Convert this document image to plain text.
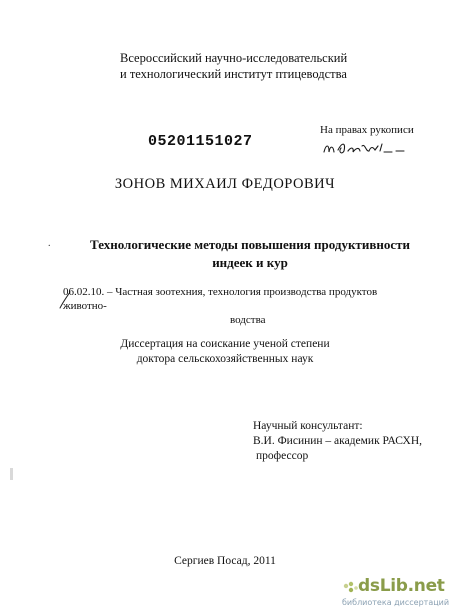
Всероссийский научно-исследовательский
и технологический институт птицеводства
05201151027
На правах рукописи
ЗОНОВ МИХАИЛ ФЕДОРОВИЧ
.	Технологические методы повышения продуктивности
индеек и кур
06.02.10. – Частная зоотехния, технология производства продуктов животно-
водства
Диссертация на соискание ученой степени
доктора сельскохозяйственных наук
Научный консультант:
В.И. Фисинин – академик РАСХН,
профессор
Сергиев Посад, 2011
dsLib.net
библиотека диссертаций
